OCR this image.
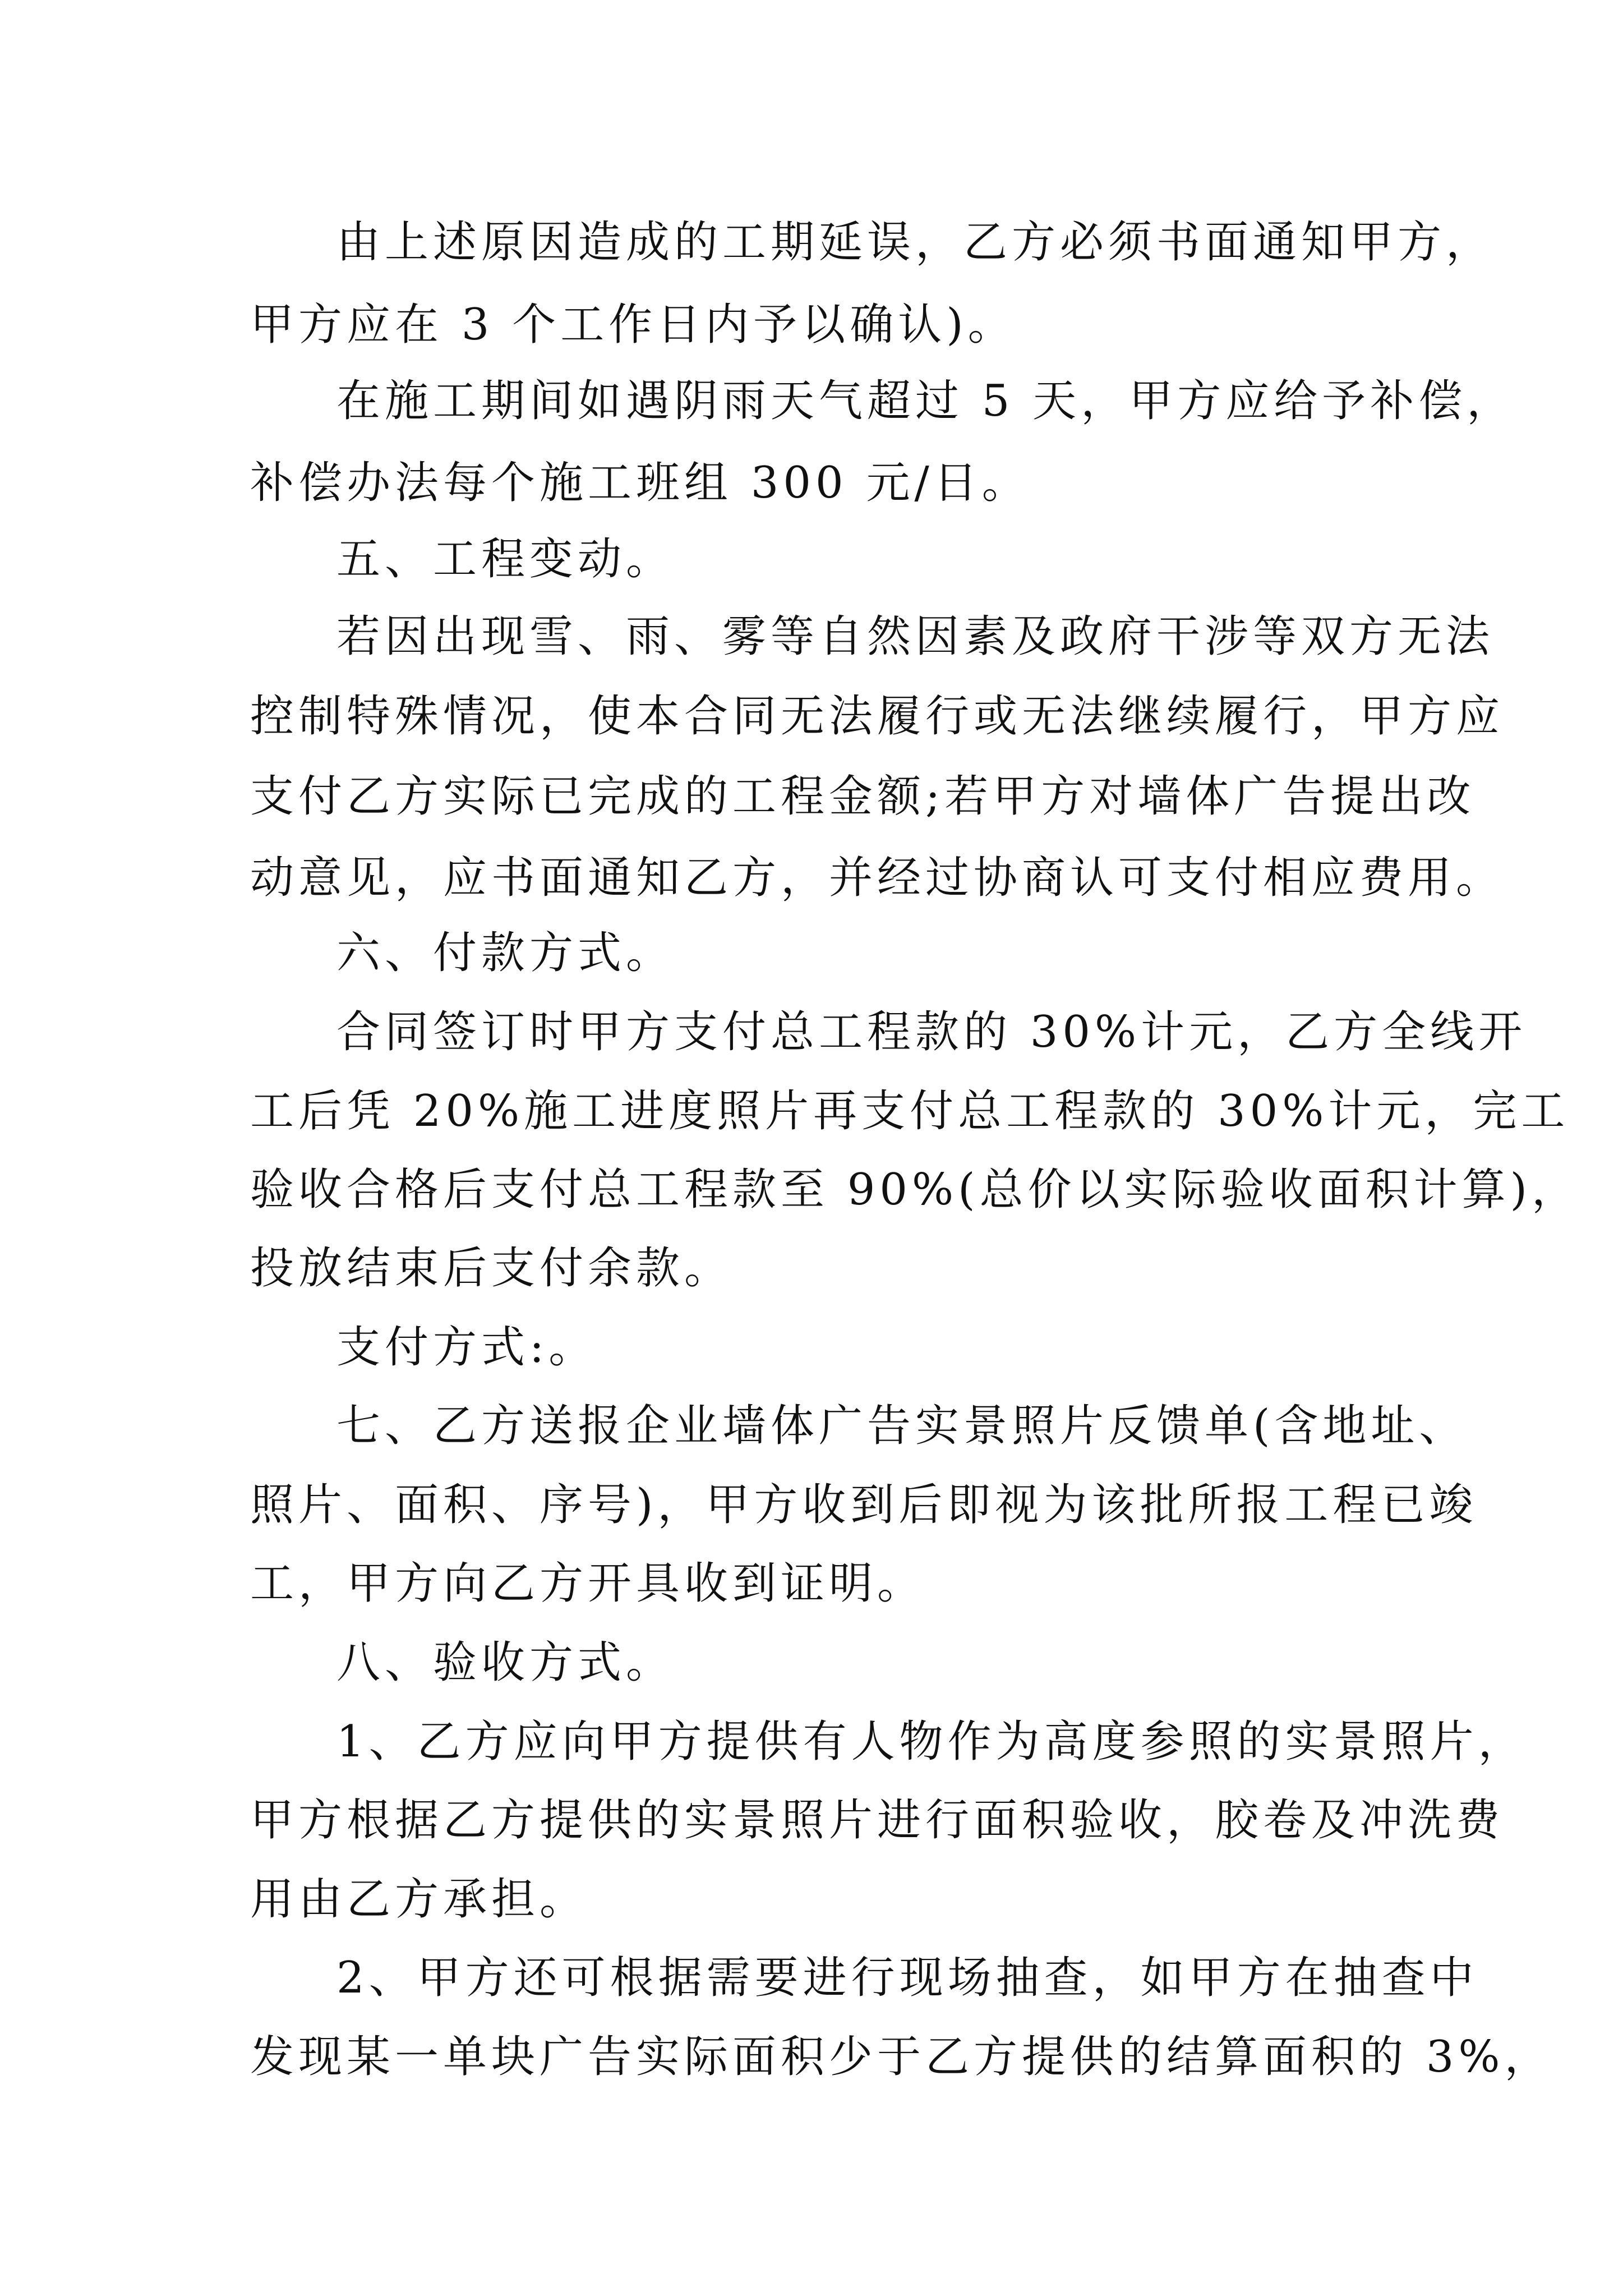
由上述原因造成的工期延误，乙方必须书面通知甲方，
甲方应在 3 个工作日内予以确认)。
在施工期间如遇阴雨天气超过 5 天，甲方应给予补偿，
补偿办法每个施工班组 300 元/日。
五、工程变动。
若因出现雪、雨、雾等自然因素及政府干涉等双方无法
控制特殊情况，使本合同无法履行或无法继续履行，甲方应
支付乙方实际已完成的工程金额;若甲方对墙体广告提出改
动意见，应书面通知乙方，并经过协商认可支付相应费用。
六、付款方式。
合同签订时甲方支付总工程款的 30%计元，乙方全线开
工后凭 20%施工进度照片再支付总工程款的 30%计元，完工
验收合格后支付总工程款至 90%(总价以实际验收面积计算)，
投放结束后支付余款。
支付方式:。
七、乙方送报企业墙体广告实景照片反馈单(含地址、
照片、面积、序号)，甲方收到后即视为该批所报工程已竣
工，甲方向乙方开具收到证明。
八、验收方式。
1、乙方应向甲方提供有人物作为高度参照的实景照片，
甲方根据乙方提供的实景照片进行面积验收，胶卷及冲洗费
用由乙方承担。
2、甲方还可根据需要进行现场抽查，如甲方在抽查中
发现某一单块广告实际面积少于乙方提供的结算面积的 3%，
